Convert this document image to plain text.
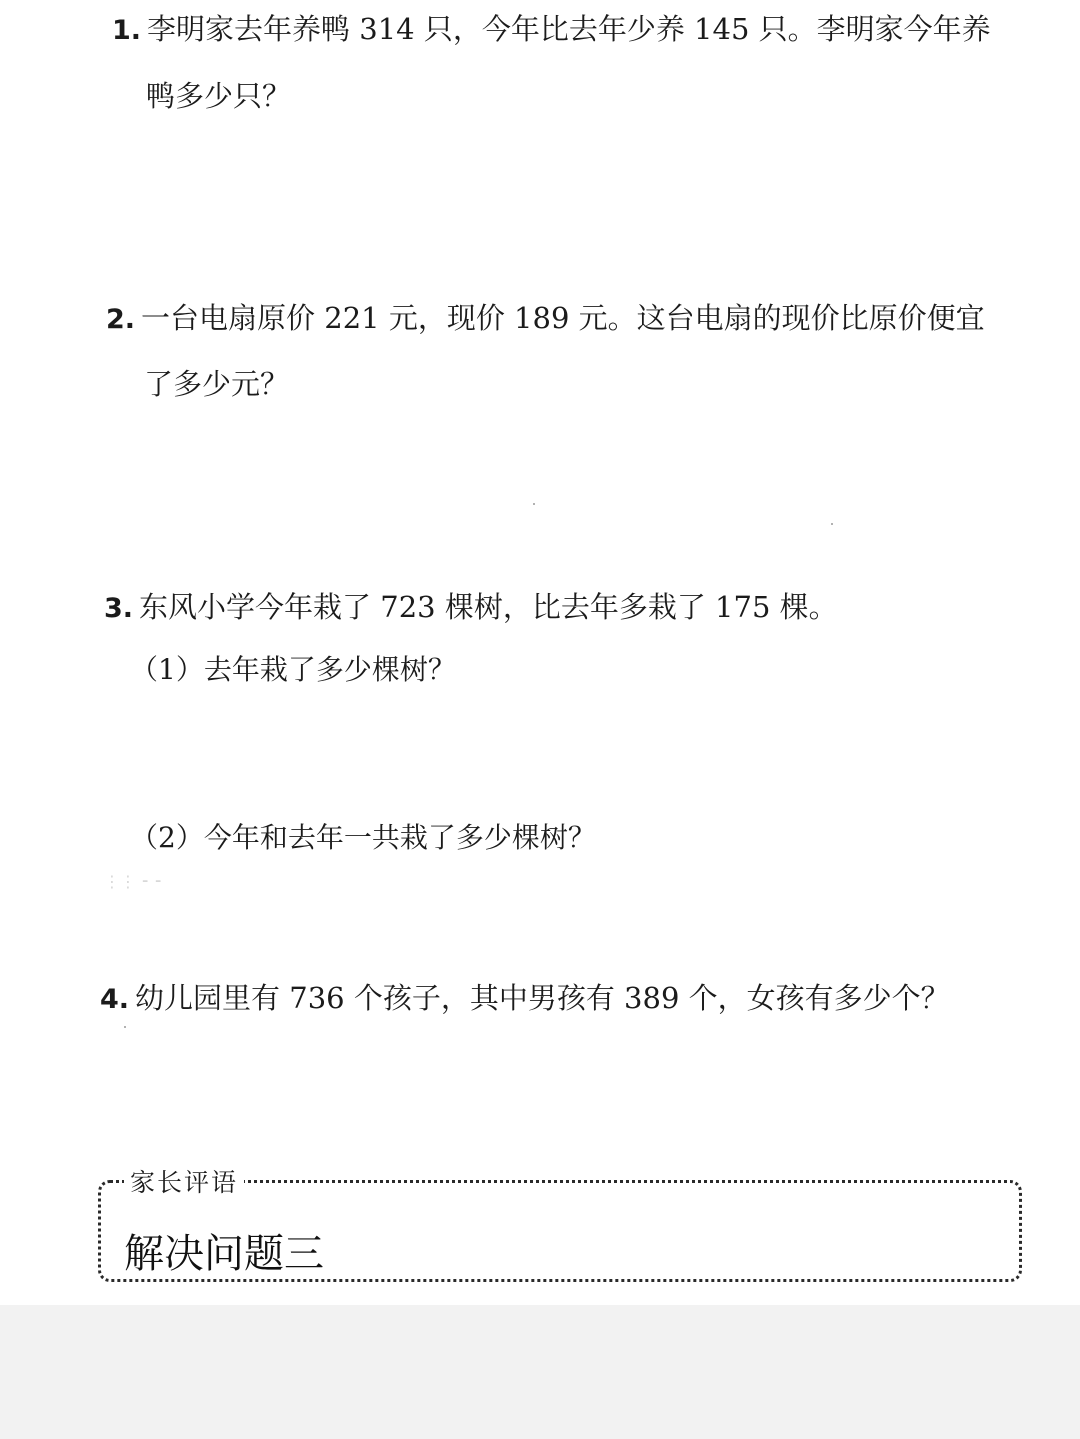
1. 李明家去年养鸭 314 只，今年比去年少养 145 只。李明家今年养
鸭多少只？
2. 一台电扇原价 221 元，现价 189 元。这台电扇的现价比原价便宜
了多少元？
3. 东风小学今年栽了 723 棵树，比去年多栽了 175 棵。
（1）去年栽了多少棵树？
（2）今年和去年一共栽了多少棵树？
⋮⋮ ⁃ ⁃
4. 幼儿园里有 736 个孩子，其中男孩有 389 个，女孩有多少个？
家长评语
解决问题三
